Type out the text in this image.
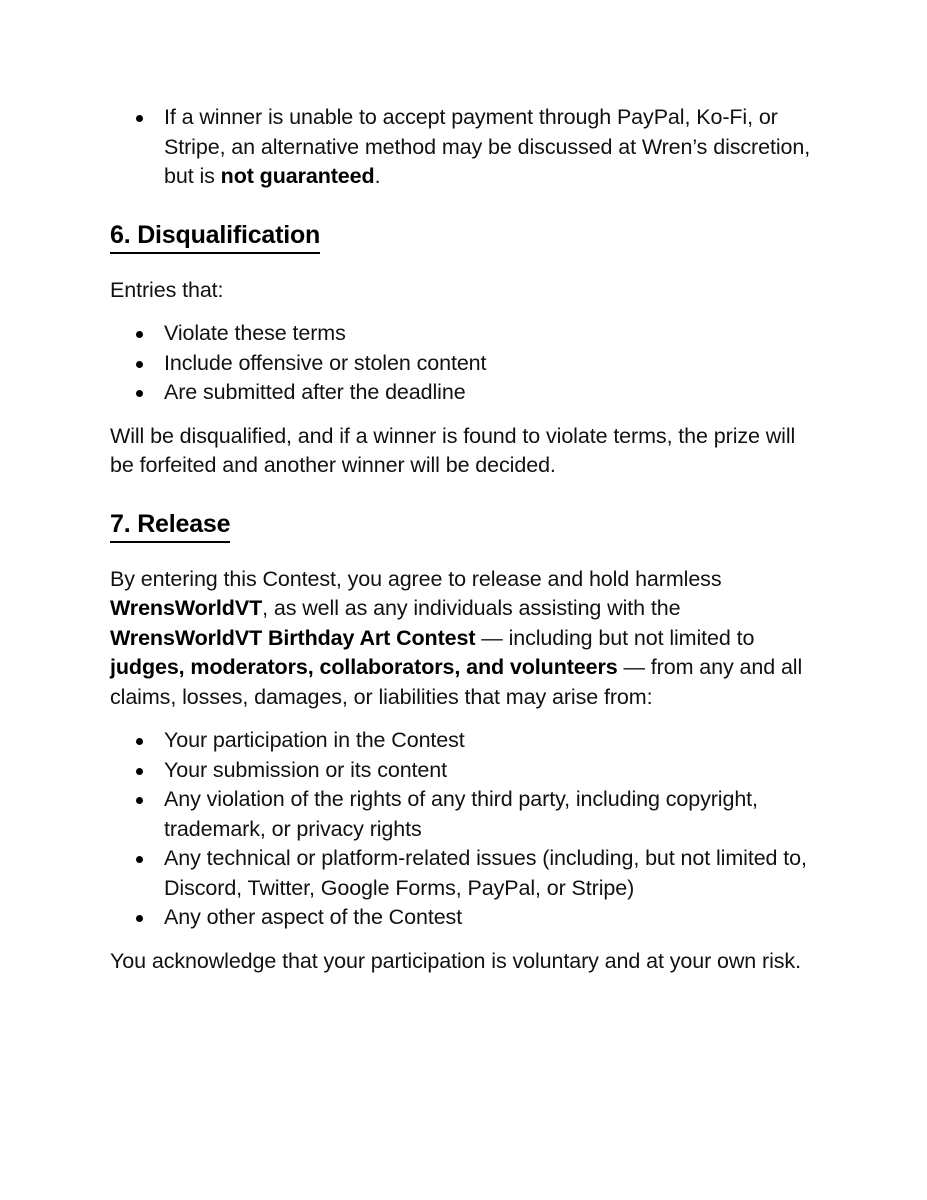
If a winner is unable to accept payment through PayPal, Ko-Fi, or Stripe, an alternative method may be discussed at Wren’s discretion, but is not guaranteed.
6. Disqualification

Entries that:

Violate these terms
Include offensive or stolen content
Are submitted after the deadline

Will be disqualified, and if a winner is found to violate terms, the prize will be forfeited and another winner will be decided.

7. Release

By entering this Contest, you agree to release and hold harmless WrensWorldVT, as well as any individuals assisting with the WrensWorldVT Birthday Art Contest — including but not limited to judges, moderators, collaborators, and volunteers — from any and all claims, losses, damages, or liabilities that may arise from:

Your participation in the Contest
Your submission or its content
Any violation of the rights of any third party, including copyright, trademark, or privacy rights
Any technical or platform-related issues (including, but not limited to, Discord, Twitter, Google Forms, PayPal, or Stripe)
Any other aspect of the Contest

You acknowledge that your participation is voluntary and at your own risk.
